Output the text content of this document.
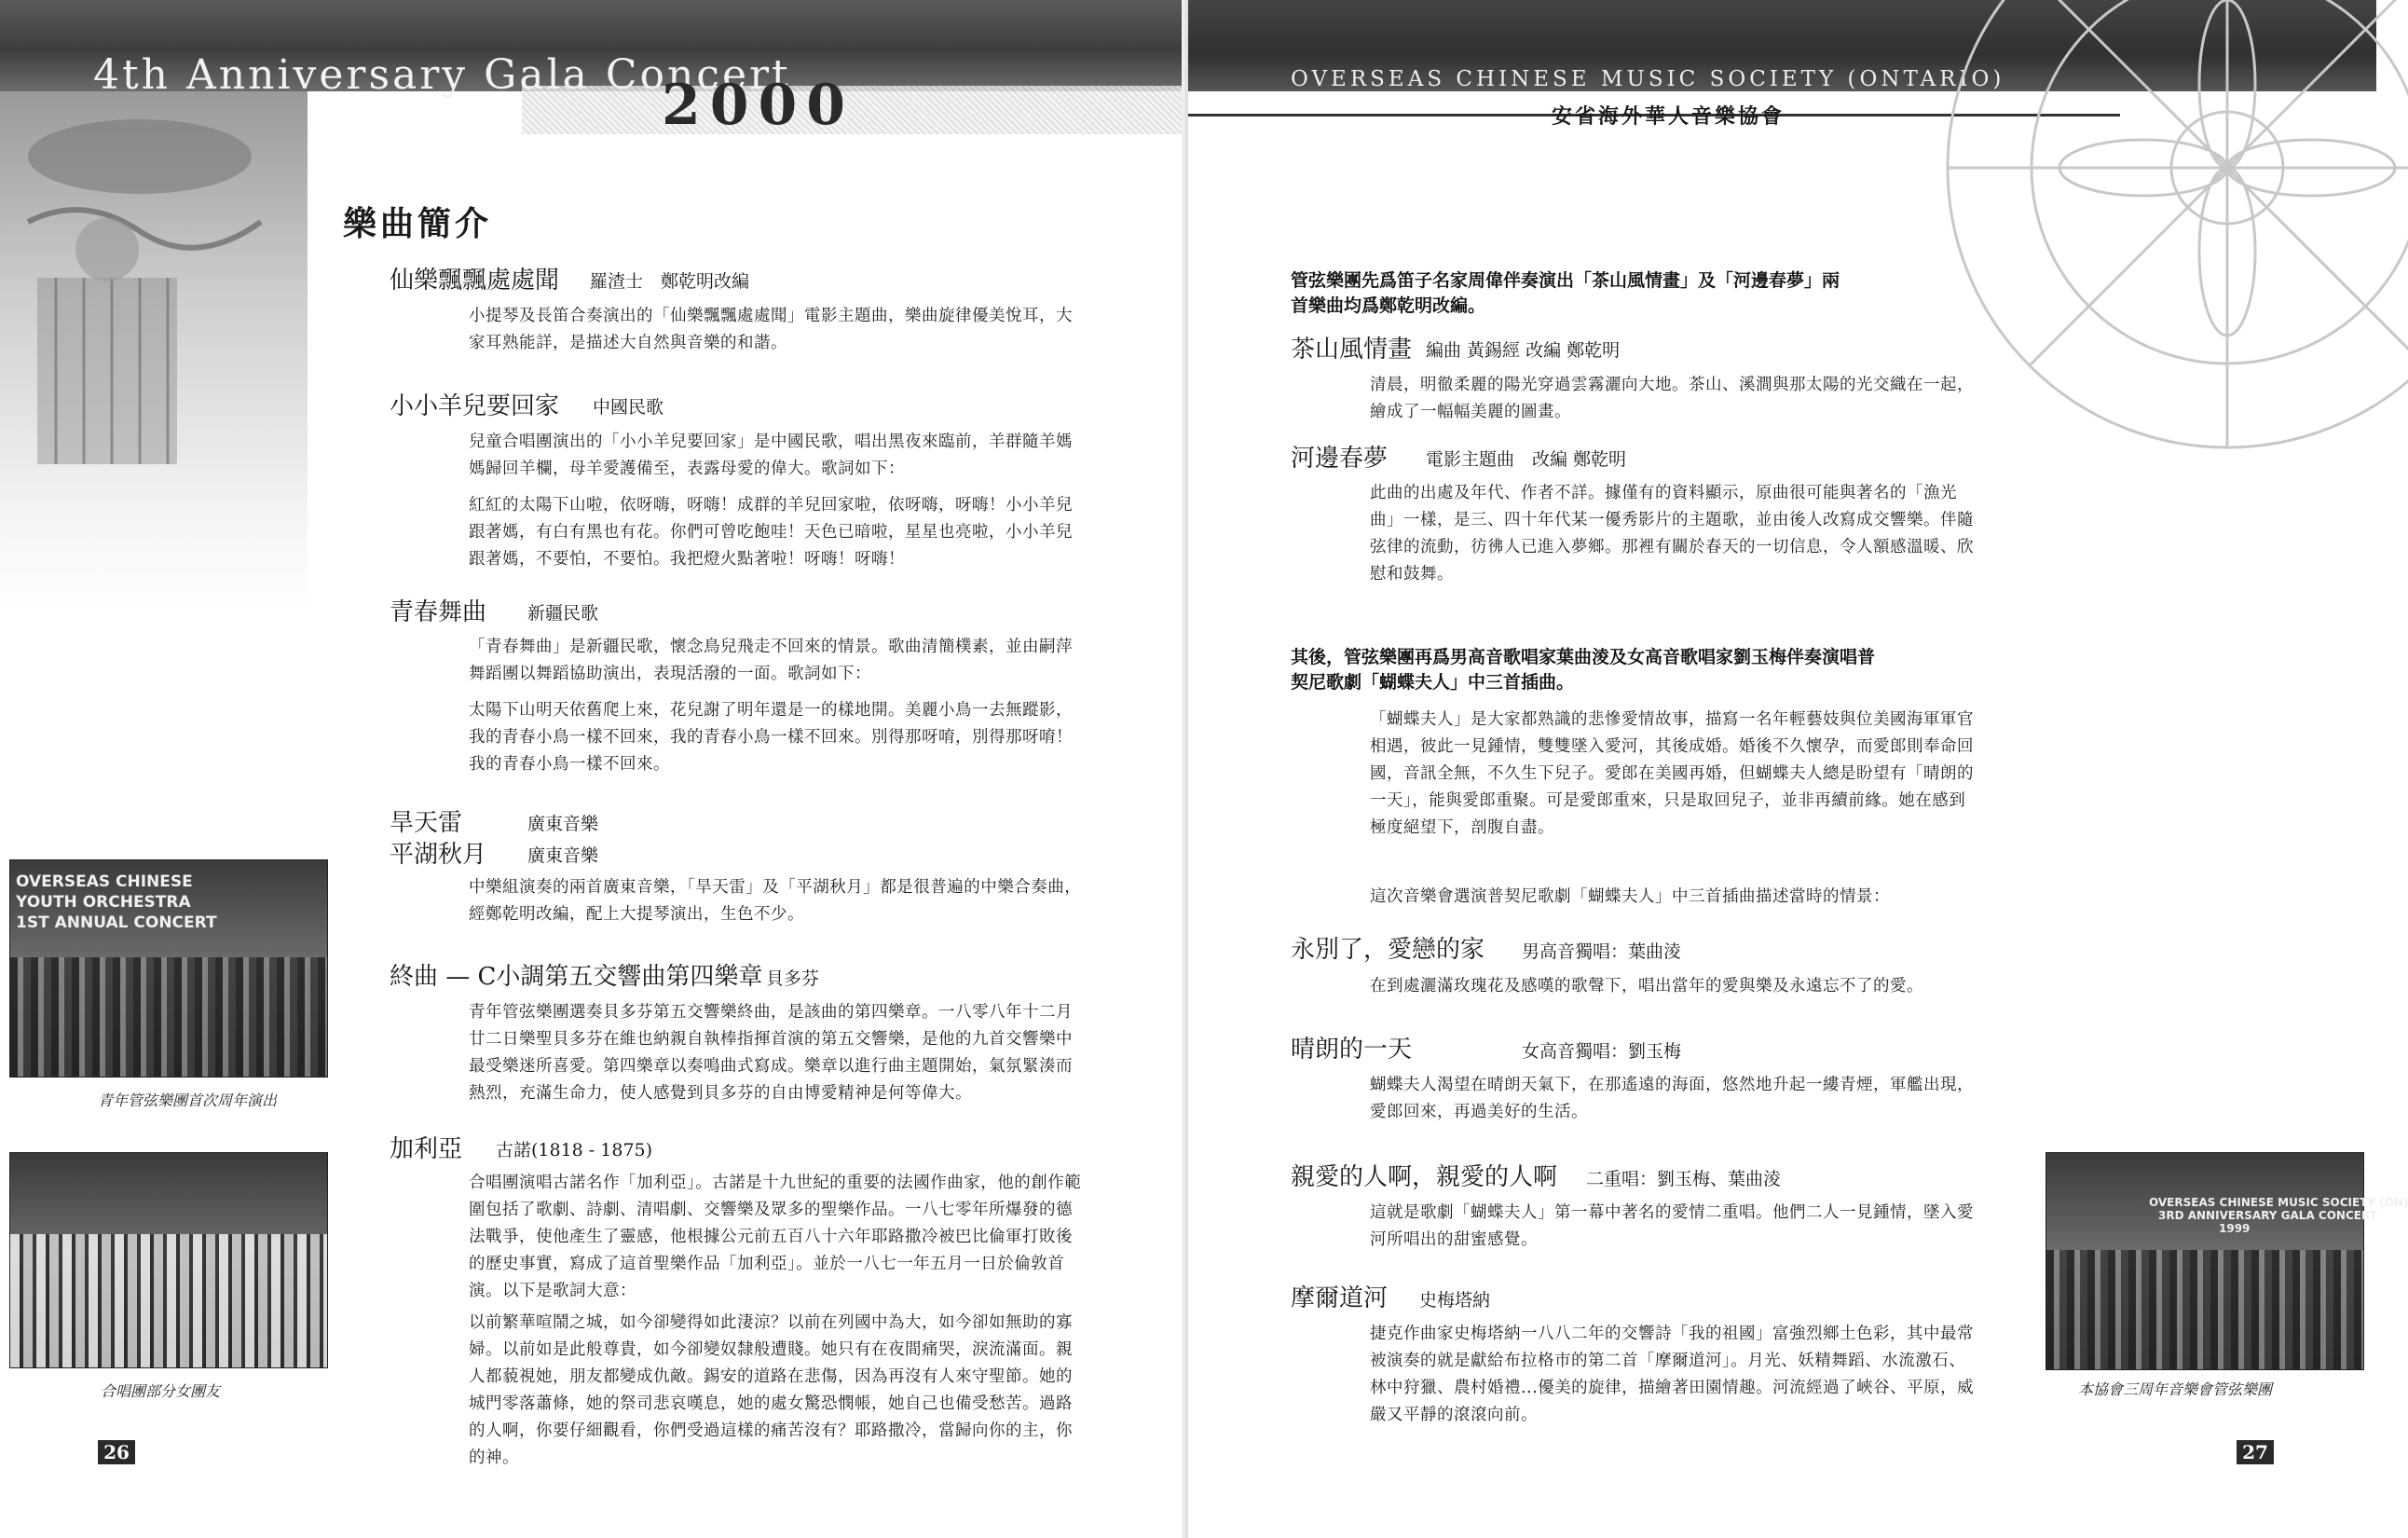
4th Anniversary Gala Concert
2000
樂曲簡介
仙樂飄飄處處聞 羅渣士　鄭乾明改編
小提琴及長笛合奏演出的「仙樂飄飄處處聞」電影主題曲，樂曲旋律優美悅耳，大家耳熟能詳，是描述大自然與音樂的和諧。
小小羊兒要回家 中國民歌
兒童合唱團演出的「小小羊兒要回家」是中國民歌，唱出黑夜來臨前，羊群隨羊媽媽歸回羊欄，母羊愛護備至，表露母愛的偉大。歌詞如下：
紅紅的太陽下山啦，依呀嗨，呀嗨！成群的羊兒回家啦，依呀嗨，呀嗨！小小羊兒跟著媽，有白有黑也有花。你們可曾吃飽哇！天色已暗啦，星星也亮啦，小小羊兒跟著媽，不要怕，不要怕。我把燈火點著啦！呀嗨！呀嗨！
青春舞曲 新疆民歌
「青春舞曲」是新疆民歌，懷念鳥兒飛走不回來的情景。歌曲清簡樸素，並由嗣萍舞蹈團以舞蹈協助演出，表現活潑的一面。歌詞如下：
太陽下山明天依舊爬上來，花兒謝了明年還是一的樣地開。美麗小鳥一去無蹤影，我的青春小鳥一樣不回來，我的青春小鳥一樣不回來。別得那呀唷，別得那呀唷！我的青春小鳥一樣不回來。
旱天雷	廣東音樂
平湖秋月 廣東音樂
中樂組演奏的兩首廣東音樂，「旱天雷」及「平湖秋月」都是很普遍的中樂合奏曲，經鄭乾明改編，配上大提琴演出，生色不少。
終曲 — C小調第五交響曲第四樂章 貝多芬
青年管弦樂團選奏貝多芬第五交響樂終曲，是該曲的第四樂章。一八零八年十二月廿二日樂聖貝多芬在維也納親自執棒指揮首演的第五交響樂，是他的九首交響樂中最受樂迷所喜愛。第四樂章以奏鳴曲式寫成。樂章以進行曲主題開始，氣氛緊湊而熱烈，充滿生命力，使人感覺到貝多芬的自由博愛精神是何等偉大。
加利亞 古諾(1818 - 1875)
合唱團演唱古諾名作「加利亞」。古諾是十九世紀的重要的法國作曲家，他的創作範圍包括了歌劇、詩劇、清唱劇、交響樂及眾多的聖樂作品。一八七零年所爆發的德法戰爭，使他產生了靈感，他根據公元前五百八十六年耶路撒冷被巴比倫軍打敗後的歷史事實，寫成了這首聖樂作品「加利亞」。並於一八七一年五月一日於倫敦首演。以下是歌詞大意：
以前繁華喧鬧之城，如今卻變得如此淒涼？以前在列國中為大，如今卻如無助的寡婦。以前如是此般尊貴，如今卻變奴隸般遭賤。她只有在夜間痛哭，淚流滿面。親人都藐視她，朋友都變成仇敵。錫安的道路在悲傷，因為再沒有人來守聖節。她的城門零落蕭條，她的祭司悲哀嘆息，她的處女驚恐憫帳，她自己也備受愁苦。過路的人啊，你要仔細觀看，你們受過這樣的痛苦沒有？耶路撒冷，當歸向你的主，你的神。
OVERSEAS CHINESE
YOUTH ORCHESTRA
1ST ANNUAL CONCERT
青年管弦樂團首次周年演出
合唱團部分女團友
26
OVERSEAS CHINESE MUSIC SOCIETY (ONTARIO)
安省海外華人音樂協會
管弦樂團先爲笛子名家周偉伴奏演出「茶山風情畫」及「河邊春夢」兩首樂曲均爲鄭乾明改編。
茶山風情畫 編曲 黃錫經 改編 鄭乾明
清晨，明徹柔麗的陽光穿過雲霧灑向大地。茶山、溪澗與那太陽的光交織在一起，繪成了一幅幅美麗的圖畫。
河邊春夢 電影主題曲　改編 鄭乾明
此曲的出處及年代、作者不詳。據僅有的資料顯示，原曲很可能與著名的「漁光曲」一樣，是三、四十年代某一優秀影片的主題歌，並由後人改寫成交響樂。伴隨弦律的流動，彷彿人已進入夢鄉。那裡有關於春天的一切信息，令人額感溫暖、欣慰和鼓舞。
其後，管弦樂團再爲男高音歌唱家葉曲淩及女高音歌唱家劉玉梅伴奏演唱普契尼歌劇「蝴蝶夫人」中三首插曲。
「蝴蝶夫人」是大家都熟識的悲慘愛情故事，描寫一名年輕藝妓與位美國海軍軍官相遇，彼此一見鍾情，雙雙墜入愛河，其後成婚。婚後不久懷孕，而愛郎則奉命回國，音訊全無，不久生下兒子。愛郎在美國再婚，但蝴蝶夫人總是盼望有「晴朗的一天」，能與愛郎重聚。可是愛郎重來，只是取回兒子，並非再續前緣。她在感到極度絕望下，剖腹自盡。
這次音樂會選演普契尼歌劇「蝴蝶夫人」中三首插曲描述當時的情景：
永別了，愛戀的家 男高音獨唱：葉曲淩
在到處灑滿玫瑰花及感嘆的歌聲下，唱出當年的愛與樂及永遠忘不了的愛。
晴朗的一天	女高音獨唱：劉玉梅
蝴蝶夫人渴望在晴朗天氣下，在那遙遠的海面，悠然地升起一縷青煙，軍艦出現，愛郎回來，再過美好的生活。
親愛的人啊，親愛的人啊 二重唱：劉玉梅、葉曲淩
這就是歌劇「蝴蝶夫人」第一幕中著名的愛情二重唱。他們二人一見鍾情，墜入愛河所唱出的甜蜜感覺。
摩爾道河 史梅塔納
捷克作曲家史梅塔納一八八二年的交響詩「我的祖國」富強烈鄉土色彩，其中最常被演奏的就是獻給布拉格市的第二首「摩爾道河」。月光、妖精舞蹈、水流激石、林中狩獵、農村婚禮...優美的旋律，描繪著田園情趣。河流經過了峽谷、平原，威嚴又平靜的滾滾向前。
OVERSEAS CHINESE MUSIC SOCIETY (ON)
3RD ANNIVERSARY GALA CONCERT
1999
本協會三周年音樂會管弦樂團
27
